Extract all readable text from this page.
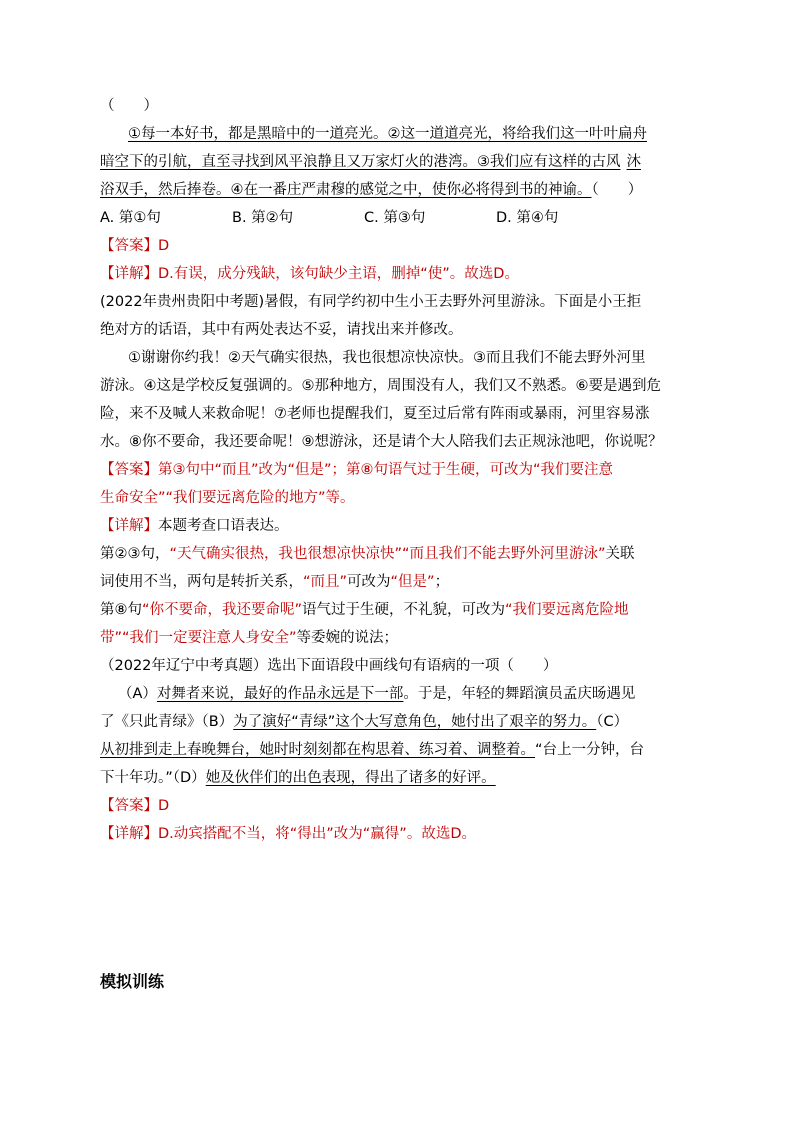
（　　）
①每一本好书，都是黑暗中的一道亮光。②这一道道亮光，将给我们这一叶叶扁舟
暗空下的引航，直至寻找到风平浪静且又万家灯火的港湾。③我们应有这样的古风 沐
浴双手，然后捧卷。④在一番庄严肃穆的感觉之中，使你必将得到书的神谕。（　　）
A. 第①句	B. 第②句	C. 第③句	D. 第④句
【答案】D
【详解】D.有误，成分残缺，该句缺少主语，删掉“使”。故选D。
(2022年贵州贵阳中考题)暑假，有同学约初中生小王去野外河里游泳。下面是小王拒
绝对方的话语，其中有两处表达不妥，请找出来并修改。
①谢谢你约我！②天气确实很热，我也很想凉快凉快。③而且我们不能去野外河里
游泳。④这是学校反复强调的。⑤那种地方，周围没有人，我们又不熟悉。⑥要是遇到危
险，来不及喊人来救命呢！⑦老师也提醒我们，夏至过后常有阵雨或暴雨，河里容易涨
水。⑧你不要命，我还要命呢！⑨想游泳，还是请个大人陪我们去正规泳池吧，你说呢？
【答案】第③句中“而且”改为“但是”；第⑧句语气过于生硬，可改为“我们要注意
生命安全”“我们要远离危险的地方”等。
【详解】本题考查口语表达。
第②③句，“天气确实很热，我也很想凉快凉快”“而且我们不能去野外河里游泳”关联
词使用不当，两句是转折关系，“而且”可改为“但是”；
第⑧句“你不要命，我还要命呢”语气过于生硬，不礼貌，可改为“我们要远离危险地
带”“我们一定要注意人身安全”等委婉的说法；
（2022年辽宁中考真题）选出下面语段中画线句有语病的一项（　　）
（A）对舞者来说，最好的作品永远是下一部。于是，年轻的舞蹈演员孟庆旸遇见
了《只此青绿》（B）为了演好“青绿”这个大写意角色，她付出了艰辛的努力。（C）
从初排到走上春晚舞台，她时时刻刻都在构思着、练习着、调整着。“台上一分钟，台
下十年功。”（D）她及伙伴们的出色表现，得出了诸多的好评。
【答案】D
【详解】D.动宾搭配不当，将“得出”改为“赢得”。故选D。
模拟训练
